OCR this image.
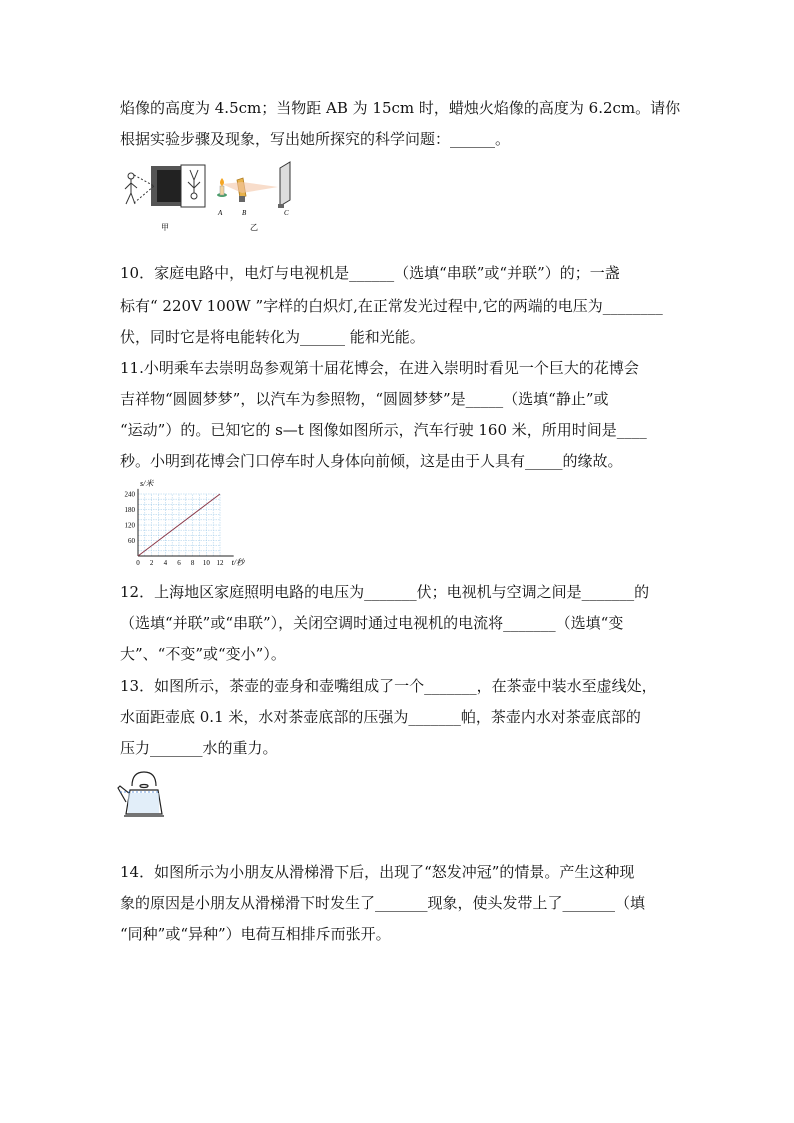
焰像的高度为 4.5cm；当物距 AB 为 15cm 时，蜡烛火焰像的高度为 6.2cm。请你
根据实验步骤及现象，写出她所探究的科学问题：______。
甲
A	B	C
乙
10．家庭电路中，电灯与电视机是______（选填“串联”或“并联”）的；一盏
标有“ 220V 100W ”字样的白炽灯,在正常发光过程中,它的两端的电压为________
伏，同时它是将电能转化为______ 能和光能。
11.小明乘车去崇明岛参观第十届花博会，在进入崇明时看见一个巨大的花博会
吉祥物“圆圆梦梦”，以汽车为参照物，“圆圆梦梦”是_____（选填“静止”或
“运动”）的。已知它的 s—t 图像如图所示，汽车行驶 160 米，所用时间是____
秒。小明到花博会门口停车时人身体向前倾，这是由于人具有_____的缘故。
0 2 4 6 8 10 12
60
120
180
240
s/米
t/秒
12．上海地区家庭照明电路的电压为_______伏；电视机与空调之间是_______的
（选填“并联”或“串联”），关闭空调时通过电视机的电流将_______（选填“变
大”、“不变”或“变小”）。
13．如图所示，茶壶的壶身和壶嘴组成了一个_______，在茶壶中装水至虚线处，
水面距壶底 0.1 米，水对茶壶底部的压强为_______帕，茶壶内水对茶壶底部的
压力_______水的重力。
14．如图所示为小朋友从滑梯滑下后，出现了“怒发冲冠”的情景。产生这种现
象的原因是小朋友从滑梯滑下时发生了_______现象，使头发带上了_______（填
“同种”或“异种”）电荷互相排斥而张开。
